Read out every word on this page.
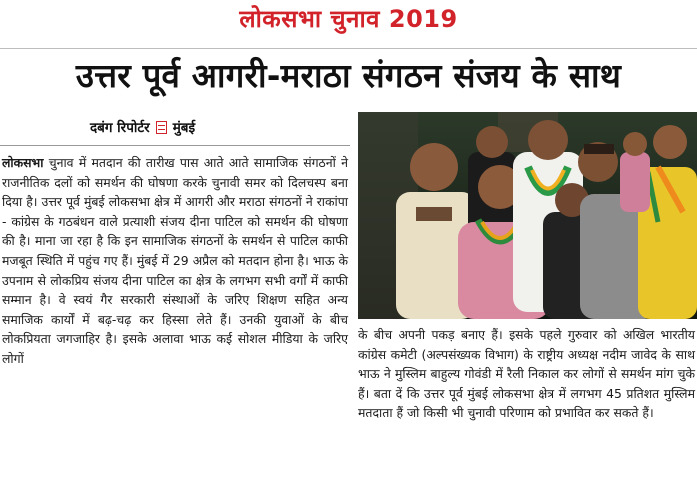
लोकसभा चुनाव 2019
उत्तर पूर्व आगरी-मराठा संगठन संजय के साथ
दबंग रिपोर्टर मुंबई
लोकसभा चुनाव में मतदान की तारीख पास आते आते सामाजिक संगठनों ने राजनीतिक दलों को समर्थन की घोषणा करके चुनावी समर को दिलचस्प बना दिया है। उत्तर पूर्व मुंबई लोकसभा क्षेत्र में आगरी और मराठा संगठनों ने राकांपा - कांग्रेस के गठबंधन वाले प्रत्याशी संजय दीना पाटिल को समर्थन की घोषणा की है। माना जा रहा है कि इन सामाजिक संगठनों के समर्थन से पाटिल काफी मजबूत स्थिति में पहुंच गए हैं। मुंबई में 29 अप्रैल को मतदान होना है। भाऊ के उपनाम से लोकप्रिय संजय दीना पाटिल का क्षेत्र के लगभग सभी वर्गों में काफी सम्मान है। वे स्वयं गैर सरकारी संस्थाओं के जरिए शिक्षण सहित अन्य समाजिक कार्यों में बढ़-चढ़ कर हिस्सा लेते हैं। उनकी युवाओं के बीच लोकप्रियता जगजाहिर है। इसके अलावा भाऊ कई सोशल मीडिया के जरिए लोगों
के बीच अपनी पकड़ बनाए हैं। इसके पहले गुरुवार को अखिल भारतीय कांग्रेस कमेटी (अल्पसंख्यक विभाग) के राष्ट्रीय अध्यक्ष नदीम जावेद के साथ भाऊ ने मुस्लिम बाहुल्य गोवंडी में रैली निकाल कर लोगों से समर्थन मांग चुके हैं। बता दें कि उत्तर पूर्व मुंबई लोकसभा क्षेत्र में लगभग 45 प्रतिशत मुस्लिम मतदाता हैं जो किसी भी चुनावी परिणाम को प्रभावित कर सकते हैं।
